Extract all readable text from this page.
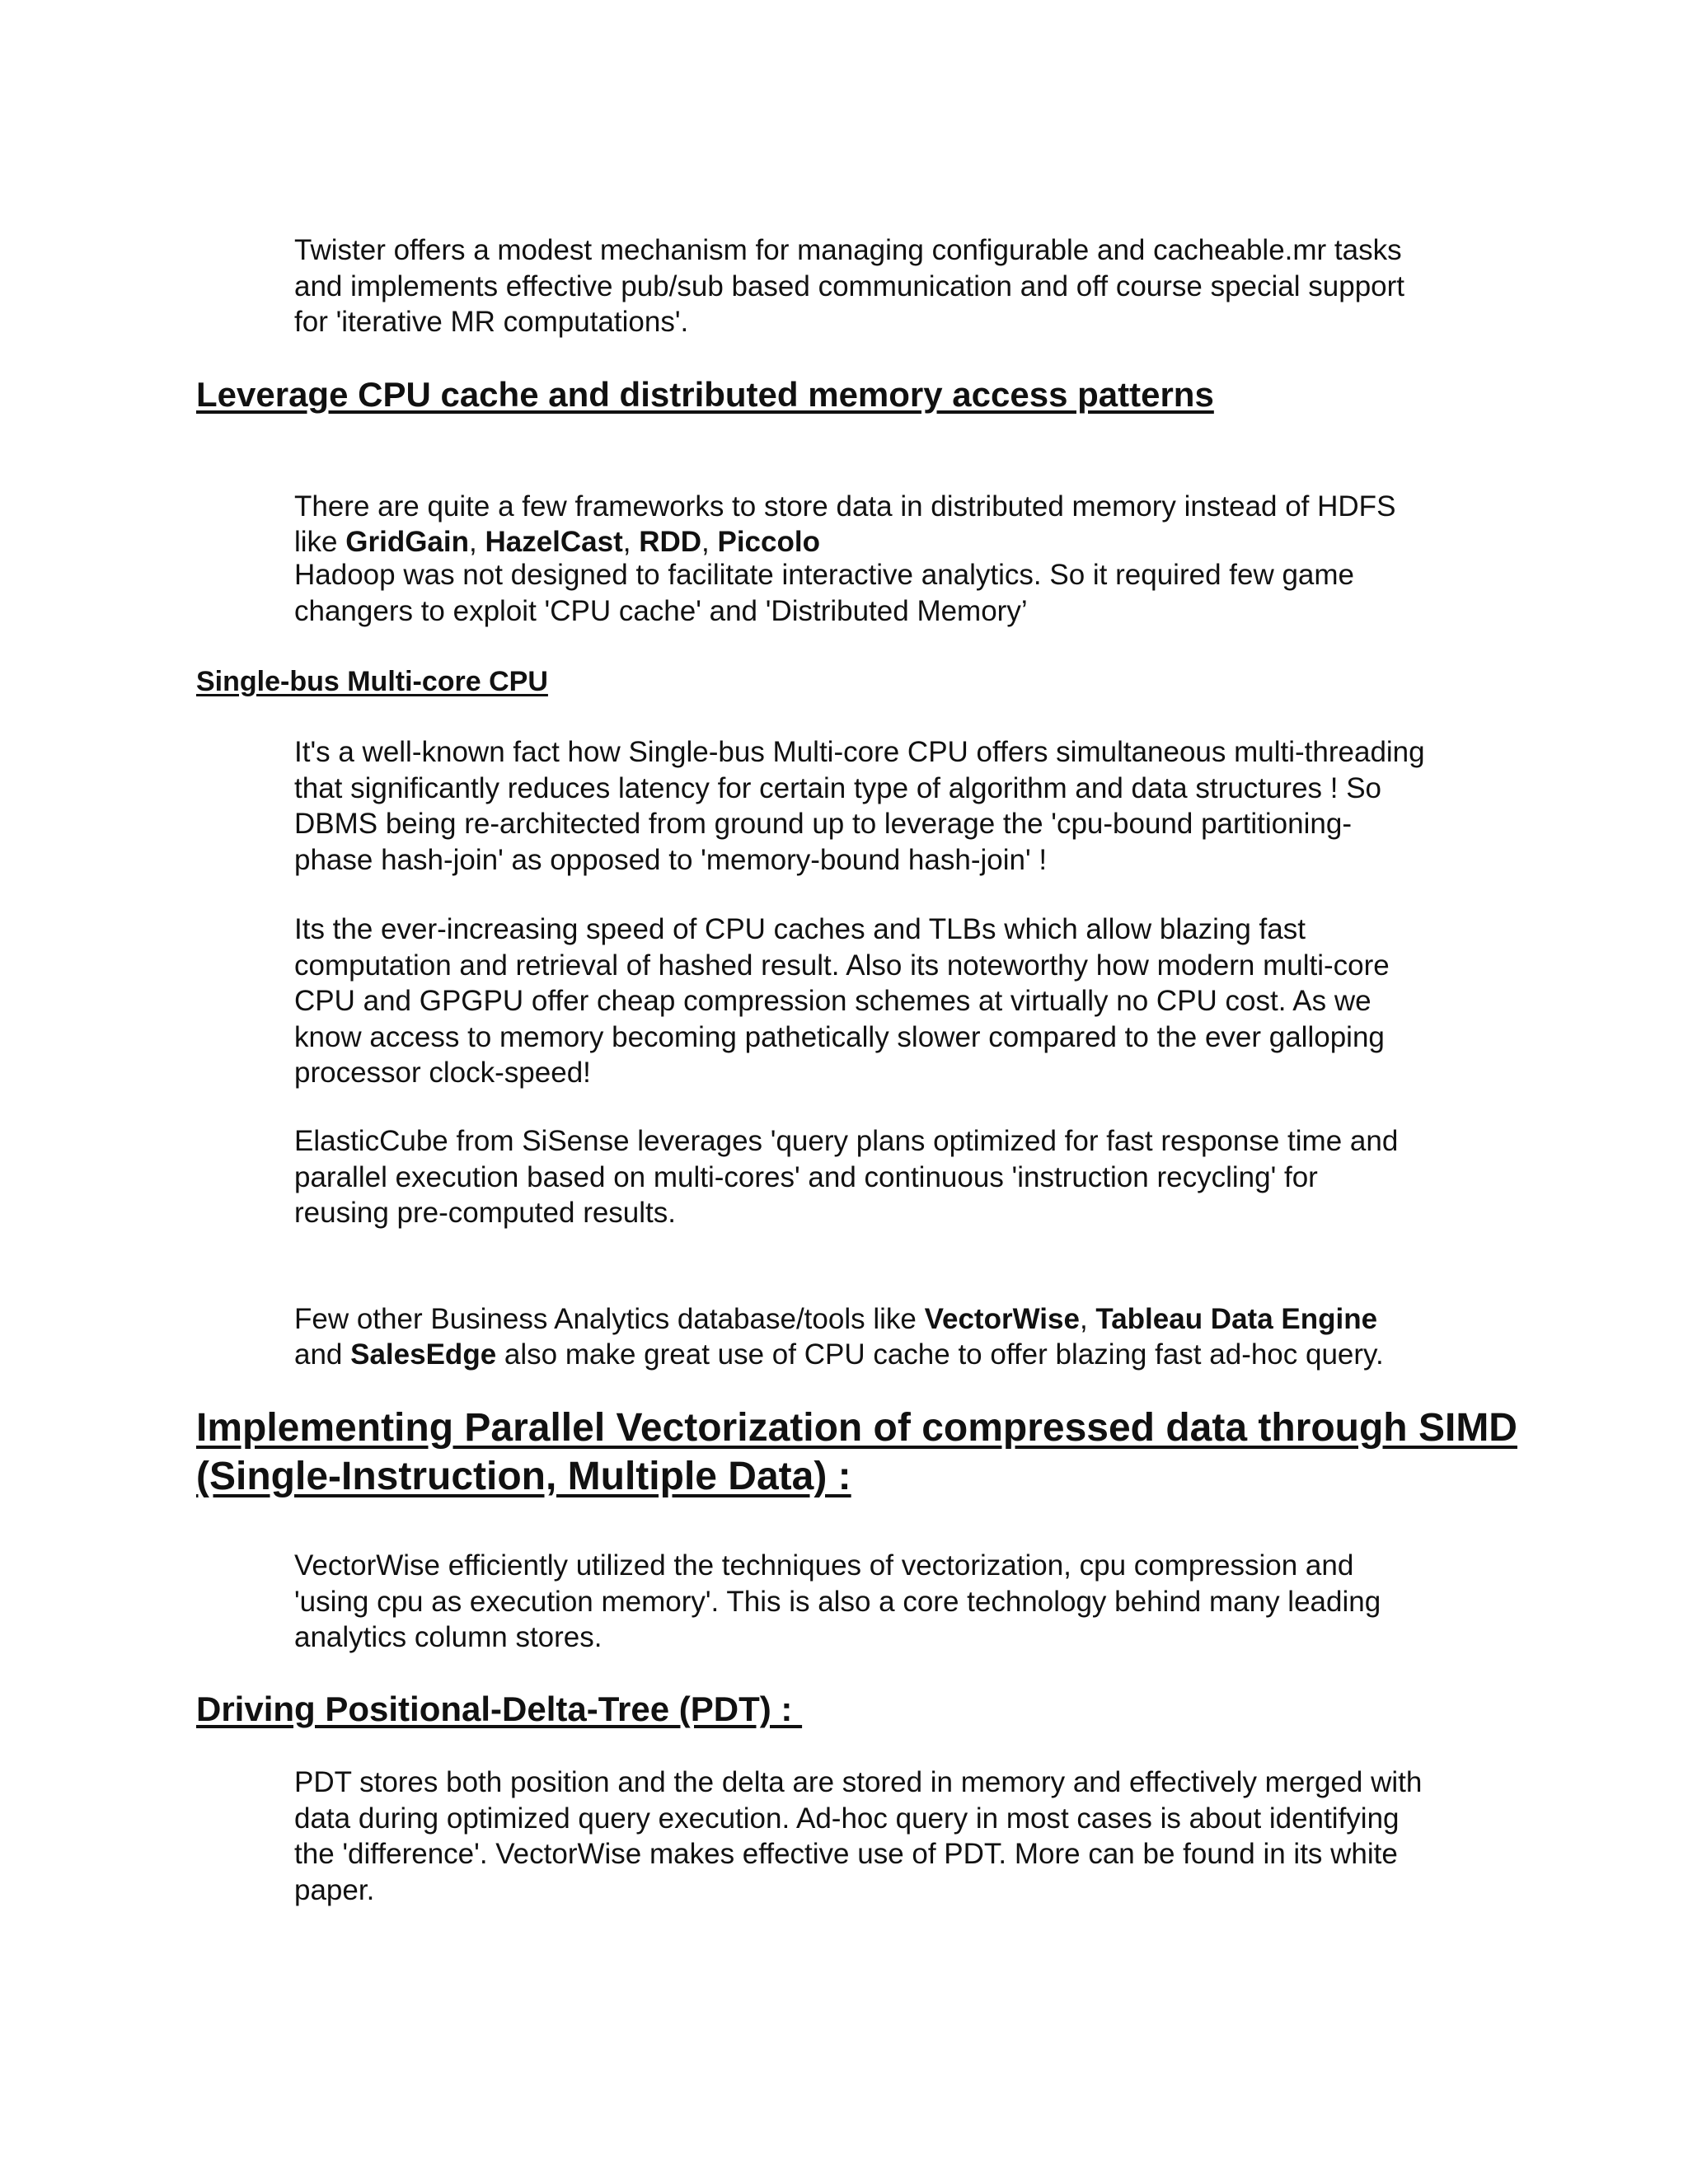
Twister offers a modest mechanism for managing configurable and cacheable.mr tasks
and implements effective pub/sub based communication and off course special support
for 'iterative MR computations'.

Leverage CPU cache and distributed memory access patterns

There are quite a few frameworks to store data in distributed memory instead of HDFS
like GridGain, HazelCast, RDD, Piccolo

Hadoop was not designed to facilitate interactive analytics. So it required few game
changers to exploit 'CPU cache' and 'Distributed Memory’

Single-bus Multi-core CPU

It's a well-known fact how Single-bus Multi-core CPU offers simultaneous multi-threading
that significantly reduces latency for certain type of algorithm and data structures ! So
DBMS being re-architected from ground up to leverage the 'cpu-bound partitioning-
phase hash-join' as opposed to 'memory-bound hash-join' !

Its the ever-increasing speed of CPU caches and TLBs which allow blazing fast
computation and retrieval of hashed result. Also its noteworthy how modern multi-core
CPU and GPGPU offer cheap compression schemes at virtually no CPU cost. As we
know access to memory becoming pathetically slower compared to the ever galloping
processor clock-speed!

ElasticCube from SiSense leverages 'query plans optimized for fast response time and
parallel execution based on multi-cores' and continuous 'instruction recycling' for
reusing pre-computed results.

Few other Business Analytics database/tools like VectorWise, Tableau Data Engine
and SalesEdge also make great use of CPU cache to offer blazing fast ad-hoc query.

Implementing Parallel Vectorization of compressed data through SIMD
(Single-Instruction, Multiple Data) :

VectorWise efficiently utilized the techniques of vectorization, cpu compression and
'using cpu as execution memory'. This is also a core technology behind many leading
analytics column stores.

Driving Positional-Delta-Tree (PDT) :

PDT stores both position and the delta are stored in memory and effectively merged with
data during optimized query execution. Ad-hoc query in most cases is about identifying
the 'difference'. VectorWise makes effective use of PDT. More can be found in its white
paper.
